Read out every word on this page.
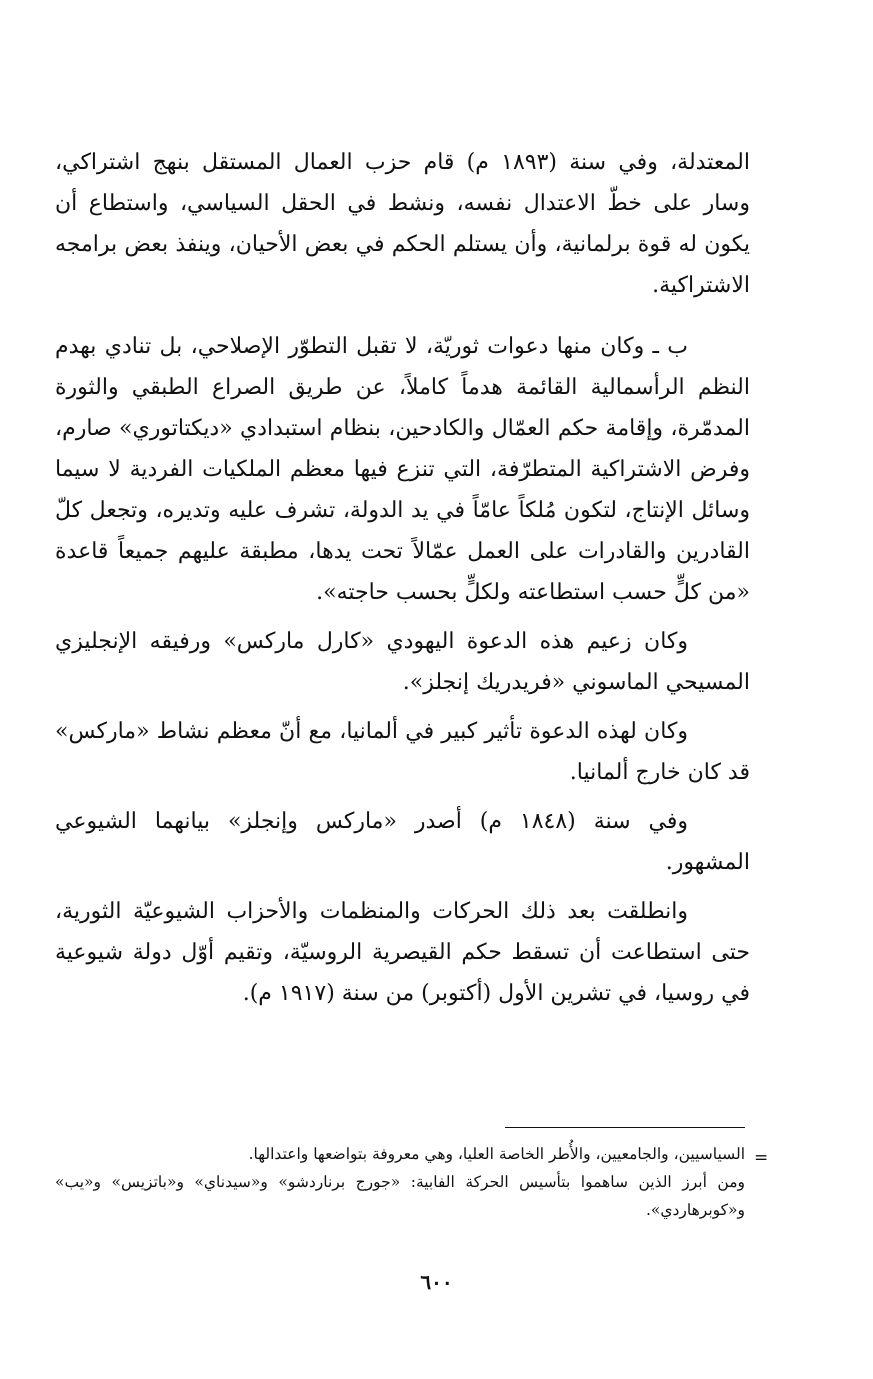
المعتدلة، وفي سنة (١٨٩٣ م) قام حزب العمال المستقل بنهج اشتراكي، وسار على خطّ الاعتدال نفسه، ونشط في الحقل السياسي، واستطاع أن يكون له قوة برلمانية، وأن يستلم الحكم في بعض الأحيان، وينفذ بعض برامجه الاشتراكية.

ب ـ وكان منها دعوات ثوريّة، لا تقبل التطوّر الإصلاحي، بل تنادي بهدم النظم الرأسمالية القائمة هدماً كاملاً، عن طريق الصراع الطبقي والثورة المدمّرة، وإقامة حكم العمّال والكادحين، بنظام استبدادي «ديكتاتوري» صارم، وفرض الاشتراكية المتطرّفة، التي تنزع فيها معظم الملكيات الفردية لا سيما وسائل الإنتاج، لتكون مُلكاً عامّاً في يد الدولة، تشرف عليه وتديره، وتجعل كلّ القادرين والقادرات على العمل عمّالاً تحت يدها، مطبقة عليهم جميعاً قاعدة «من كلٍّ حسب استطاعته ولكلٍّ بحسب حاجته».

وكان زعيم هذه الدعوة اليهودي «كارل ماركس» ورفيقه الإنجليزي المسيحي الماسوني «فريدريك إنجلز».

وكان لهذه الدعوة تأثير كبير في ألمانيا، مع أنّ معظم نشاط «ماركس» قد كان خارج ألمانيا.

وفي سنة (١٨٤٨ م) أصدر «ماركس وإنجلز» بيانهما الشيوعي المشهور.

وانطلقت بعد ذلك الحركات والمنظمات والأحزاب الشيوعيّة الثورية، حتى استطاعت أن تسقط حكم القيصرية الروسيّة، وتقيم أوّل دولة شيوعية في روسيا، في تشرين الأول (أكتوبر) من سنة (١٩١٧ م).

=

السياسيين، والجامعيين، والأُطر الخاصة العليا، وهي معروفة بتواضعها واعتدالها.

ومن أبرز الذين ساهموا بتأسيس الحركة الفابية: «جورج برناردشو» و«سيدناي» و«باتزيس» و«يب» و«كوبرهاردي».

٦٠٠
